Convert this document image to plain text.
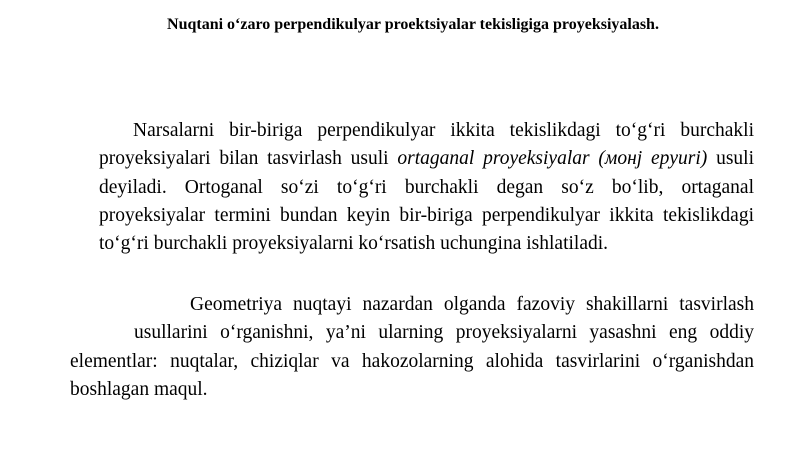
Nuqtani o‘zaro perpendikulyar proektsiyalar tekisligiga proyeksiyalash.
Narsalarni bir-biriga perpendikulyar ikkita tekislikdagi to‘g‘ri burchakli proyeksiyalari bilan tasvirlash usuli ortaganal proyeksiyalar (монj epyuri) usuli deyiladi. Ortoganal so‘zi to‘g‘ri burchakli degan so‘z bo‘lib, ortaganal proyeksiyalar termini bundan keyin bir-biriga perpendikulyar ikkita tekislikdagi to‘g‘ri burchakli proyeksiyalarni ko‘rsatish uchungina ishlatiladi.
Geometriya nuqtayi nazardan olganda fazoviy shakillarni tasvirlashusullarini o‘rganishni, ya’ni ularning proyeksiyalarni yasashni eng oddiy elementlar: nuqtalar, chiziqlar va hakozolarning alohida tasvirlarini o‘rganishdan boshlagan maqul.
